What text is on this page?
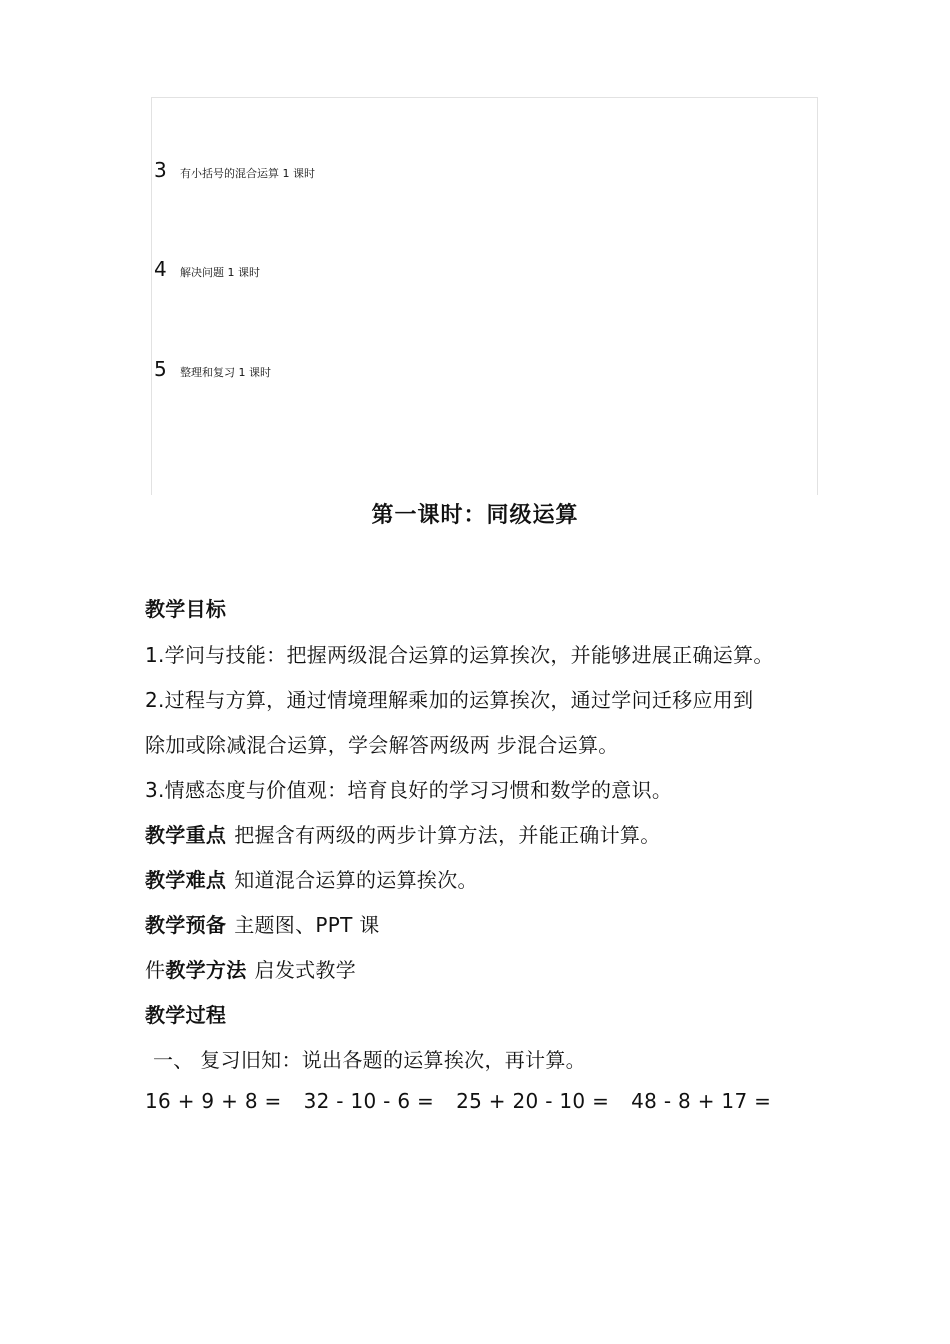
3 有小括号的混合运算 1 课时
4 解决问题 1 课时
5 整理和复习 1 课时
第一课时：同级运算
教学目标
1.学问与技能：把握两级混合运算的运算挨次，并能够进展正确运算。
2.过程与方算，通过情境理解乘加的运算挨次，通过学问迁移应用到
除加或除减混合运算，学会解答两级两 步混合运算。
3.情感态度与价值观：培育良好的学习习惯和数学的意识。
教学重点 把握含有两级的两步计算方法，并能正确计算。
教学难点 知道混合运算的运算挨次。
教学预备 主题图、PPT 课
件教学方法 启发式教学
教学过程
一、 复习旧知：说出各题的运算挨次，再计算。
16 + 9 + 8 = 32 - 10 - 6 = 25 + 20 - 10 = 48 - 8 + 17 =
